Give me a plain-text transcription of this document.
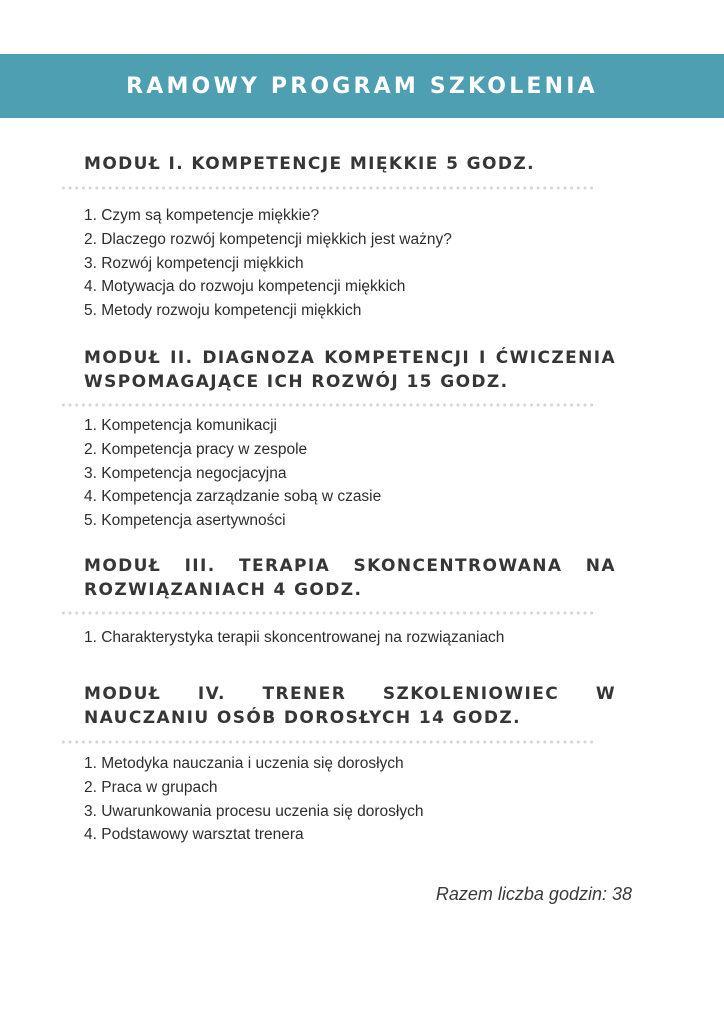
RAMOWY PROGRAM SZKOLENIA
MODUŁ I. KOMPETENCJE MIĘKKIE 5 GODZ.
1. Czym są kompetencje miękkie?
2. Dlaczego rozwój kompetencji miękkich jest ważny?
3. Rozwój kompetencji miękkich
4. Motywacja do rozwoju kompetencji miękkich
5. Metody rozwoju kompetencji miękkich
MODUŁ II. DIAGNOZA KOMPETENCJI I ĆWICZENIA WSPOMAGAJĄCE ICH ROZWÓJ 15 GODZ.
1. Kompetencja komunikacji
2. Kompetencja pracy w zespole
3. Kompetencja negocjacyjna
4. Kompetencja zarządzanie sobą w czasie
5. Kompetencja asertywności
MODUŁ III. TERAPIA SKONCENTROWANA NA ROZWIĄZANIACH 4 GODZ.
1. Charakterystyka terapii skoncentrowanej na rozwiązaniach
MODUŁ IV. TRENER SZKOLENIOWIEC W NAUCZANIU OSÓB DOROSŁYCH 14 GODZ.
1. Metodyka nauczania i uczenia się dorosłych
2. Praca w grupach
3. Uwarunkowania procesu uczenia się dorosłych
4. Podstawowy warsztat trenera
Razem liczba godzin: 38
